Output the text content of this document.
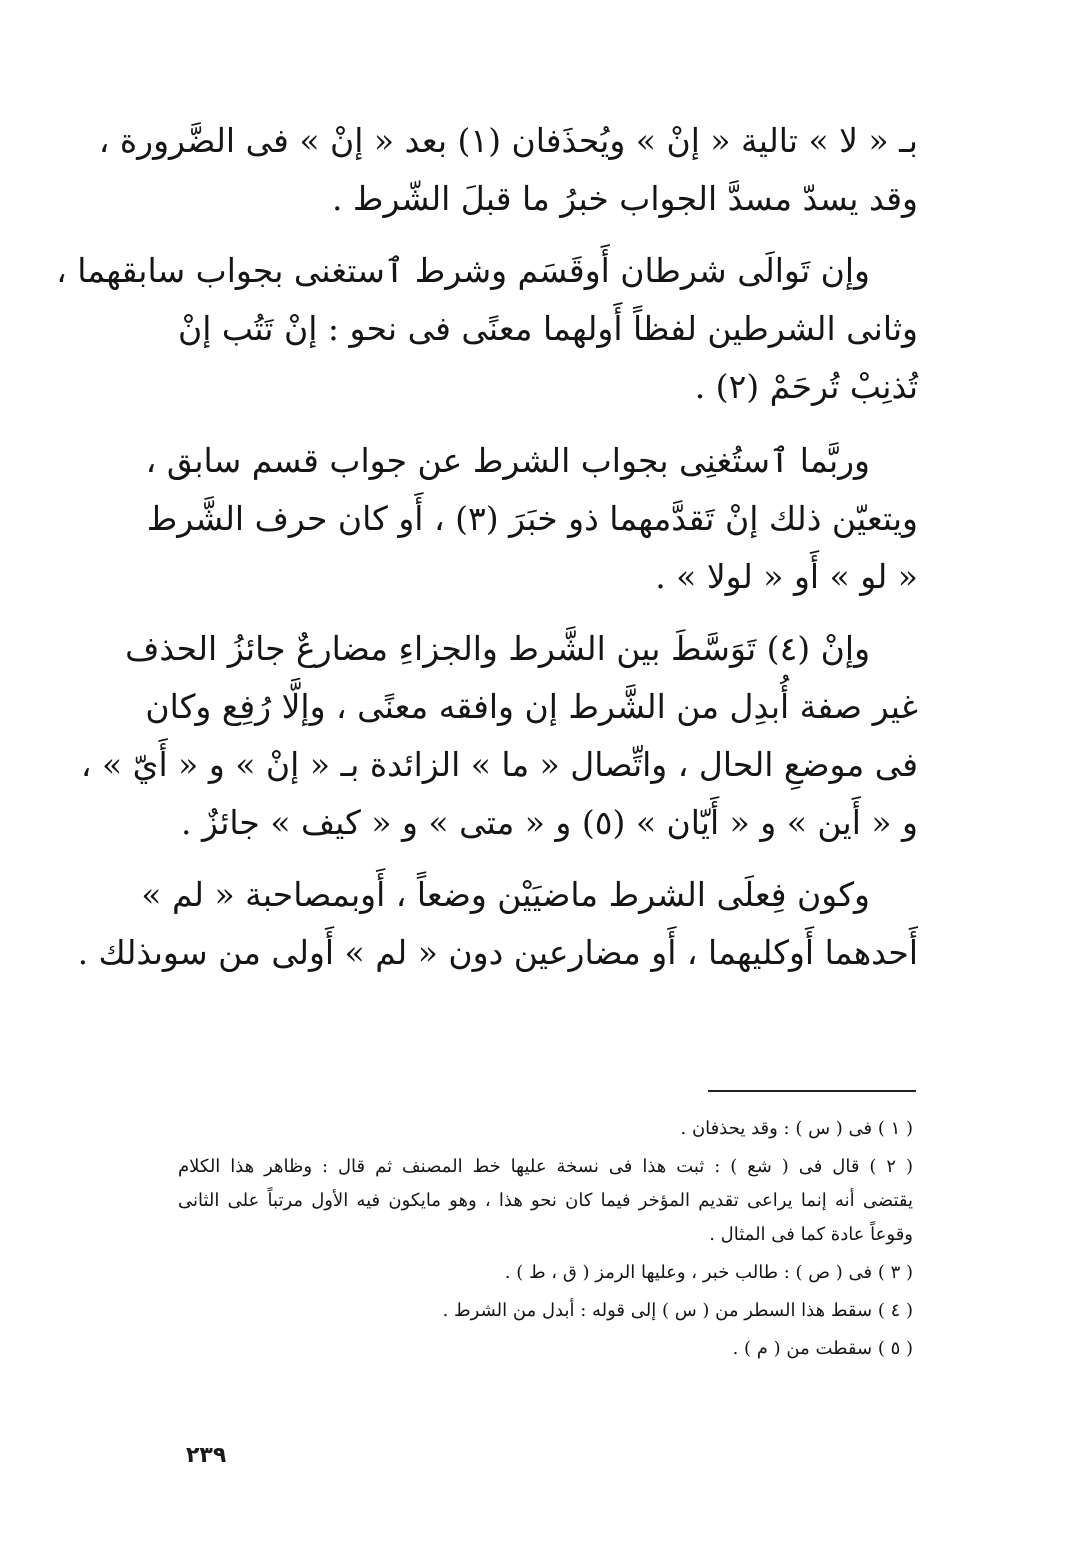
بـ « لا » تالية « إنْ » ويُحذَفان (١) بعد « إنْ » فى الضَّرورة ،
وقد يسدّ مسدَّ الجواب خبرُ ما قبلَ الشّرط .
وإن تَوالَى شرطان أَوقَسَم وشرط ٱستغنى بجواب سابقهما ،
وثانى الشرطين لفظاً أَولهما معنًى فى نحو : إنْ تَتُب إنْ
تُذنِبْ تُرحَمْ (٢) .
وربَّما ٱستُغنِى بجواب الشرط عن جواب قسم سابق ،
ويتعيّن ذلك إنْ تَقدَّمهما ذو خبَرَ (٣) ، أَو كان حرف الشَّرط
« لو » أَو « لولا » .
وإنْ (٤) تَوَسَّطَ بين الشَّرط والجزاءِ مضارعٌ جائزُ الحذف
غير صفة أُبدِل من الشَّرط إن وافقه معنًى ، وإلَّا رُفِع وكان
فى موضعِ الحال ، واتِّصال « ما » الزائدة بـ « إنْ » و « أَيّ » ،
و « أَين » و « أَيّان » (٥) و « متى » و « كيف » جائزٌ .
وكون فِعلَى الشرط ماضيَيْن وضعاً ، أَوبمصاحبة « لم »
أَحدهما أَوكليهما ، أَو مضارعين دون « لم » أَولى من سوىذلك .
( ١ ) فى ( س ) : وقد يحذفان .
( ٢ ) قال فى ( شع ) : ثبت هذا فى نسخة عليها خط المصنف ثم قال : وظاهر هذا الكلام
يقتضى أنه إنما يراعى تقديم المؤخر فيما كان نحو هذا ، وهو مايكون فيه الأول مرتباً على الثانى
وقوعاً عادة كما فى المثال .
( ٣ ) فى ( ص ) : طالب خبر ، وعليها الرمز ( ق ، ط ) .
( ٤ ) سقط هذا السطر من ( س ) إلى قوله : أبدل من الشرط .
( ٥ ) سقطت من ( م ) .
٢٣٩
